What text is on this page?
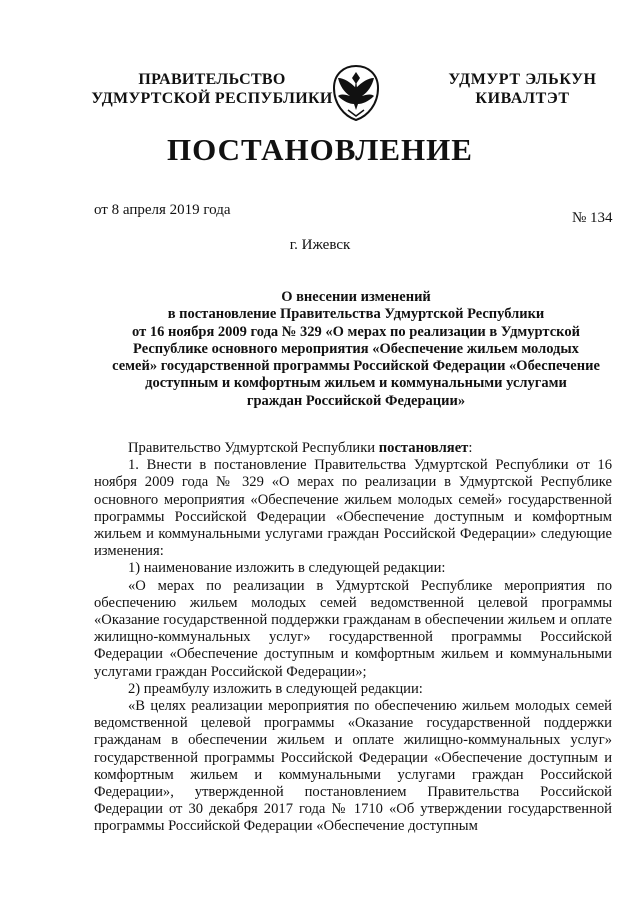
ПРАВИТЕЛЬСТВО
УДМУРТСКОЙ РЕСПУБЛИКИ
УДМУРТ ЭЛЬКУН
КИВАЛТЭТ
ПОСТАНОВЛЕНИЕ
от 8 апреля 2019 года	№ 134
г. Ижевск
О внесении изменений
в постановление Правительства Удмуртской Республики
от 16 ноября 2009 года № 329 «О мерах по реализации в Удмуртской
Республике основного мероприятия «Обеспечение жильем молодых
семей» государственной программы Российской Федерации «Обеспечение
доступным и комфортным жильем и коммунальными услугами
граждан Российской Федерации»

Правительство Удмуртской Республики постановляет:

1. Внести в постановление Правительства Удмуртской Республики от 16 ноября 2009 года № 329 «О мерах по реализации в Удмуртской Республике основного мероприятия «Обеспечение жильем молодых семей» государственной программы Российской Федерации «Обеспечение доступным и комфортным жильем и коммунальными услугами граждан Российской Федерации» следующие изменения:

1) наименование изложить в следующей редакции:

«О мерах по реализации в Удмуртской Республике мероприятия по обеспечению жильем молодых семей ведомственной целевой программы «Оказание государственной поддержки гражданам в обеспечении жильем и оплате жилищно-коммунальных услуг» государственной программы Российской Федерации «Обеспечение доступным и комфортным жильем и коммунальными услугами граждан Российской Федерации»;

2) преамбулу изложить в следующей редакции:

«В целях реализации мероприятия по обеспечению жильем молодых семей ведомственной целевой программы «Оказание государственной поддержки гражданам в обеспечении жильем и оплате жилищно-коммунальных услуг» государственной программы Российской Федерации «Обеспечение доступным и комфортным жильем и коммунальными услугами граждан Российской Федерации», утвержденной постановлением Правительства Российской Федерации от 30 декабря 2017 года № 1710 «Об утверждении государственной программы Российской Федерации «Обеспечение доступным
